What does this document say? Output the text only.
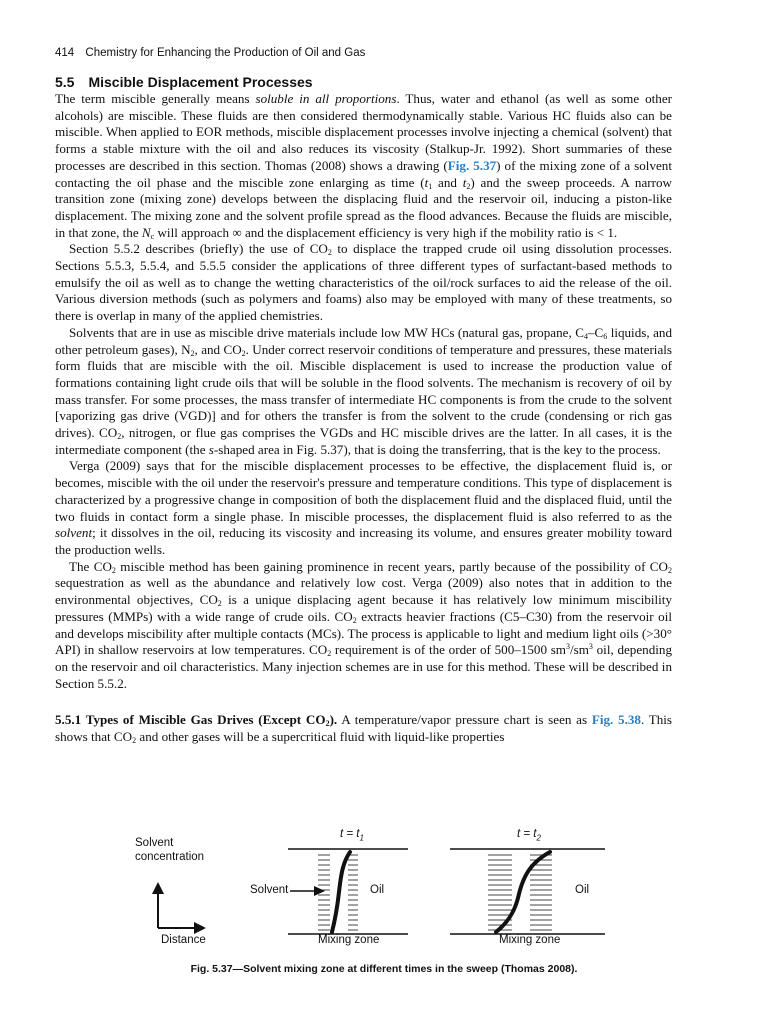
414 Chemistry for Enhancing the Production of Oil and Gas
5.5 Miscible Displacement Processes

The term miscible generally means soluble in all proportions. Thus, water and ethanol (as well as some other alcohols) are miscible. These fluids are then considered thermodynamically stable. Various HC fluids also can be miscible. When applied to EOR methods, miscible displacement processes involve injecting a chemical (solvent) that forms a stable mixture with the oil and also reduces its viscosity (Stalkup-Jr. 1992). Short summaries of these processes are described in this section. Thomas (2008) shows a drawing (Fig. 5.37) of the mixing zone of a solvent contacting the oil phase and the miscible zone enlarging as time ($t_1$ and $t_2$) and the sweep proceeds. A narrow transition zone (mixing zone) develops between the displacing fluid and the reservoir oil, inducing a piston-like displacement. The mixing zone and the solvent profile spread as the flood advances. Because the fluids are miscible, in that zone, the $N_c$ will approach ∞ and the displacement efficiency is very high if the mobility ratio is < 1.

Section 5.5.2 describes (briefly) the use of $CO_2$ to displace the trapped crude oil using dissolution processes. Sections 5.5.3, 5.5.4, and 5.5.5 consider the applications of three different types of surfactant-based methods to emulsify the oil as well as to change the wetting characteristics of the oil/rock surfaces to aid the release of the oil. Various diversion methods (such as polymers and foams) also may be employed with many of these treatments, so there is overlap in many of the applied chemistries.

Solvents that are in use as miscible drive materials include low MW HCs (natural gas, propane, $C_4-C_6$ liquids, and other petroleum gases), $N_2$, and $CO_2$. Under correct reservoir conditions of temperature and pressures, these materials form fluids that are miscible with the oil. Miscible displacement is used to increase the production value of formations containing light crude oils that will be soluble in the flood solvents. The mechanism is recovery of oil by mass transfer. For some processes, the mass transfer of intermediate HC components is from the crude to the solvent [vaporizing gas drive (VGD)] and for others the transfer is from the solvent to the crude (condensing or rich gas drives). $CO_2$, nitrogen, or flue gas comprises the VGDs and HC miscible drives are the latter. In all cases, it is the intermediate component (the s-shaped area in Fig. 5.37), that is doing the transferring, that is the key to the process.

Verga (2009) says that for the miscible displacement processes to be effective, the displacement fluid is, or becomes, miscible with the oil under the reservoir's pressure and temperature conditions. This type of displacement is characterized by a progressive change in composition of both the displacement fluid and the displaced fluid, until the two fluids in contact form a single phase. In miscible processes, the displacement fluid is also referred to as the solvent; it dissolves in the oil, reducing its viscosity and increasing its volume, and ensures greater mobility toward the production wells.

The $CO_2$ miscible method has been gaining prominence in recent years, partly because of the possibility of $CO_2$ sequestration as well as the abundance and relatively low cost. Verga (2009) also notes that in addition to the environmental objectives, $CO_2$ is a unique displacing agent because it has relatively low minimum miscibility pressures (MMPs) with a wide range of crude oils. $CO_2$ extracts heavier fractions (C5–C30) from the reservoir oil and develops miscibility after multiple contacts (MCs). The process is applicable to light and medium light oils (>30° API) in shallow reservoirs at low temperatures. $CO_2$ requirement is of the order of 500–1500 $sm^3/sm^3$ oil, depending on the reservoir and oil characteristics. Many injection schemes are in use for this method. These will be described in Section 5.5.2.

5.5.1 Types of Miscible Gas Drives (Except $CO_2$). A temperature/vapor pressure chart is seen as Fig. 5.38. This shows that $CO_2$ and other gases will be a supercritical fluid with liquid-like properties

Solvent
concentration
Distance
$t = t_1$	$t = t_2$
Solvent	Oil	Oil
Mixing zone	Mixing zone
Fig. 5.37—Solvent mixing zone at different times in the sweep (Thomas 2008).
